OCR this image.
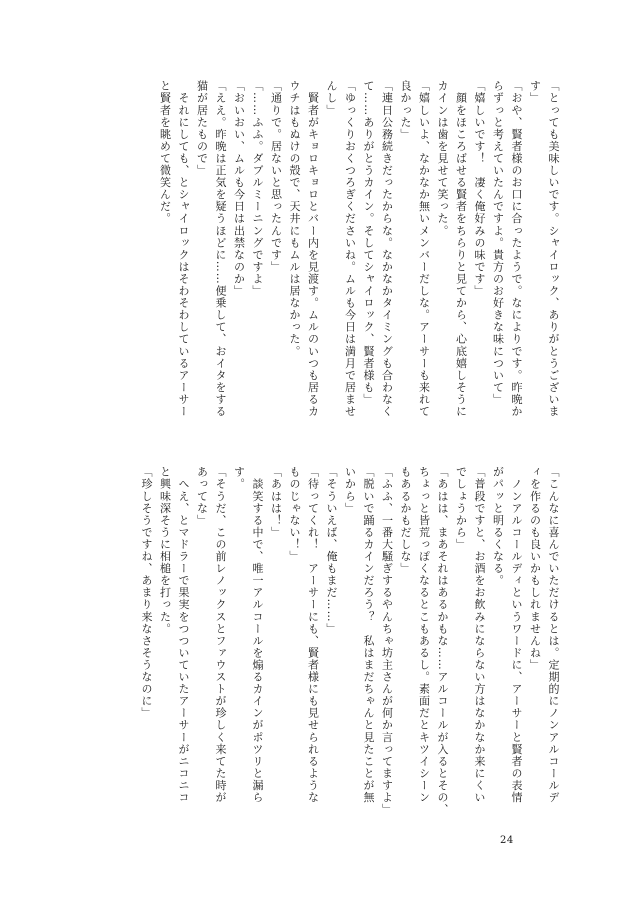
「とっても美味しいです。シャイロック、ありがとうございま
す」
「おや、賢者様のお口に合ったようで。なによりです。昨晩か
らずっと考えていたんですよ。貴方のお好きな味について」
「嬉しいです！　凄く俺好みの味です」
　顔をほころばせる賢者をちらりと見てから、心底嬉しそうに
カインは歯を見せて笑った。
「嬉しいよ、なかなか無いメンバーだしな。アーサーも来れて
良かった」
「連日公務続きだったからな。なかなかタイミングも合わなく
て……ありがとうカイン。そしてシャイロック、賢者様も」
「ゆっくりおくつろぎくださいね。ムルも今日は満月で居ませ
んし」
　賢者がキョロキョロとバー内を見渡す。ムルのいつも居るカ
ウチはもぬけの殻で、天井にもムルは居なかった。
「通りで。居ないと思ったんです」
「……ふふ。ダブルミーニングですよ」
「おいおい、ムルも今日は出禁なのか」
「ええ。昨晩は正気を疑うほどに……便乗して、おイタをする
猫が居たもので」
　それにしても、とシャイロックはそわそわしているアーサー
と賢者を眺めて微笑んだ。
「こんなに喜んでいただけるとは。定期的にノンアルコールデ
ィを作るのも良いかもしれませんね」
　ノンアルコールディというワードに、アーサーと賢者の表情
がパッと明るくなる。
「普段ですと、お酒をお飲みにならない方はなかなか来にくい
でしょうから」
「あはは、まあそれはあるかもな……アルコールが入るとその、
ちょっと皆荒っぽくなるとこもあるし。素面だとキツイシーン
もあるかもだしな」
「ふふ、一番大騒ぎするやんちゃ坊主さんが何か言ってますよ」
「脱いで踊るカインだろう？　私はまだちゃんと見たことが無
いから」
「そういえば、俺もまだ……」
「待ってくれ！　アーサーにも、賢者様にも見せられるような
ものじゃない！」
「あはは！」
　談笑する中で、唯一アルコールを煽るカインがポツリと漏ら
す。
「そうだ、この前レノックスとファウストが珍しく来てた時が
あってな」
　へえ、とマドラーで果実をつついていたアーサーがニコニコ
と興味深そうに相槌を打った。
「珍しそうですね、あまり来なさそうなのに」
24
